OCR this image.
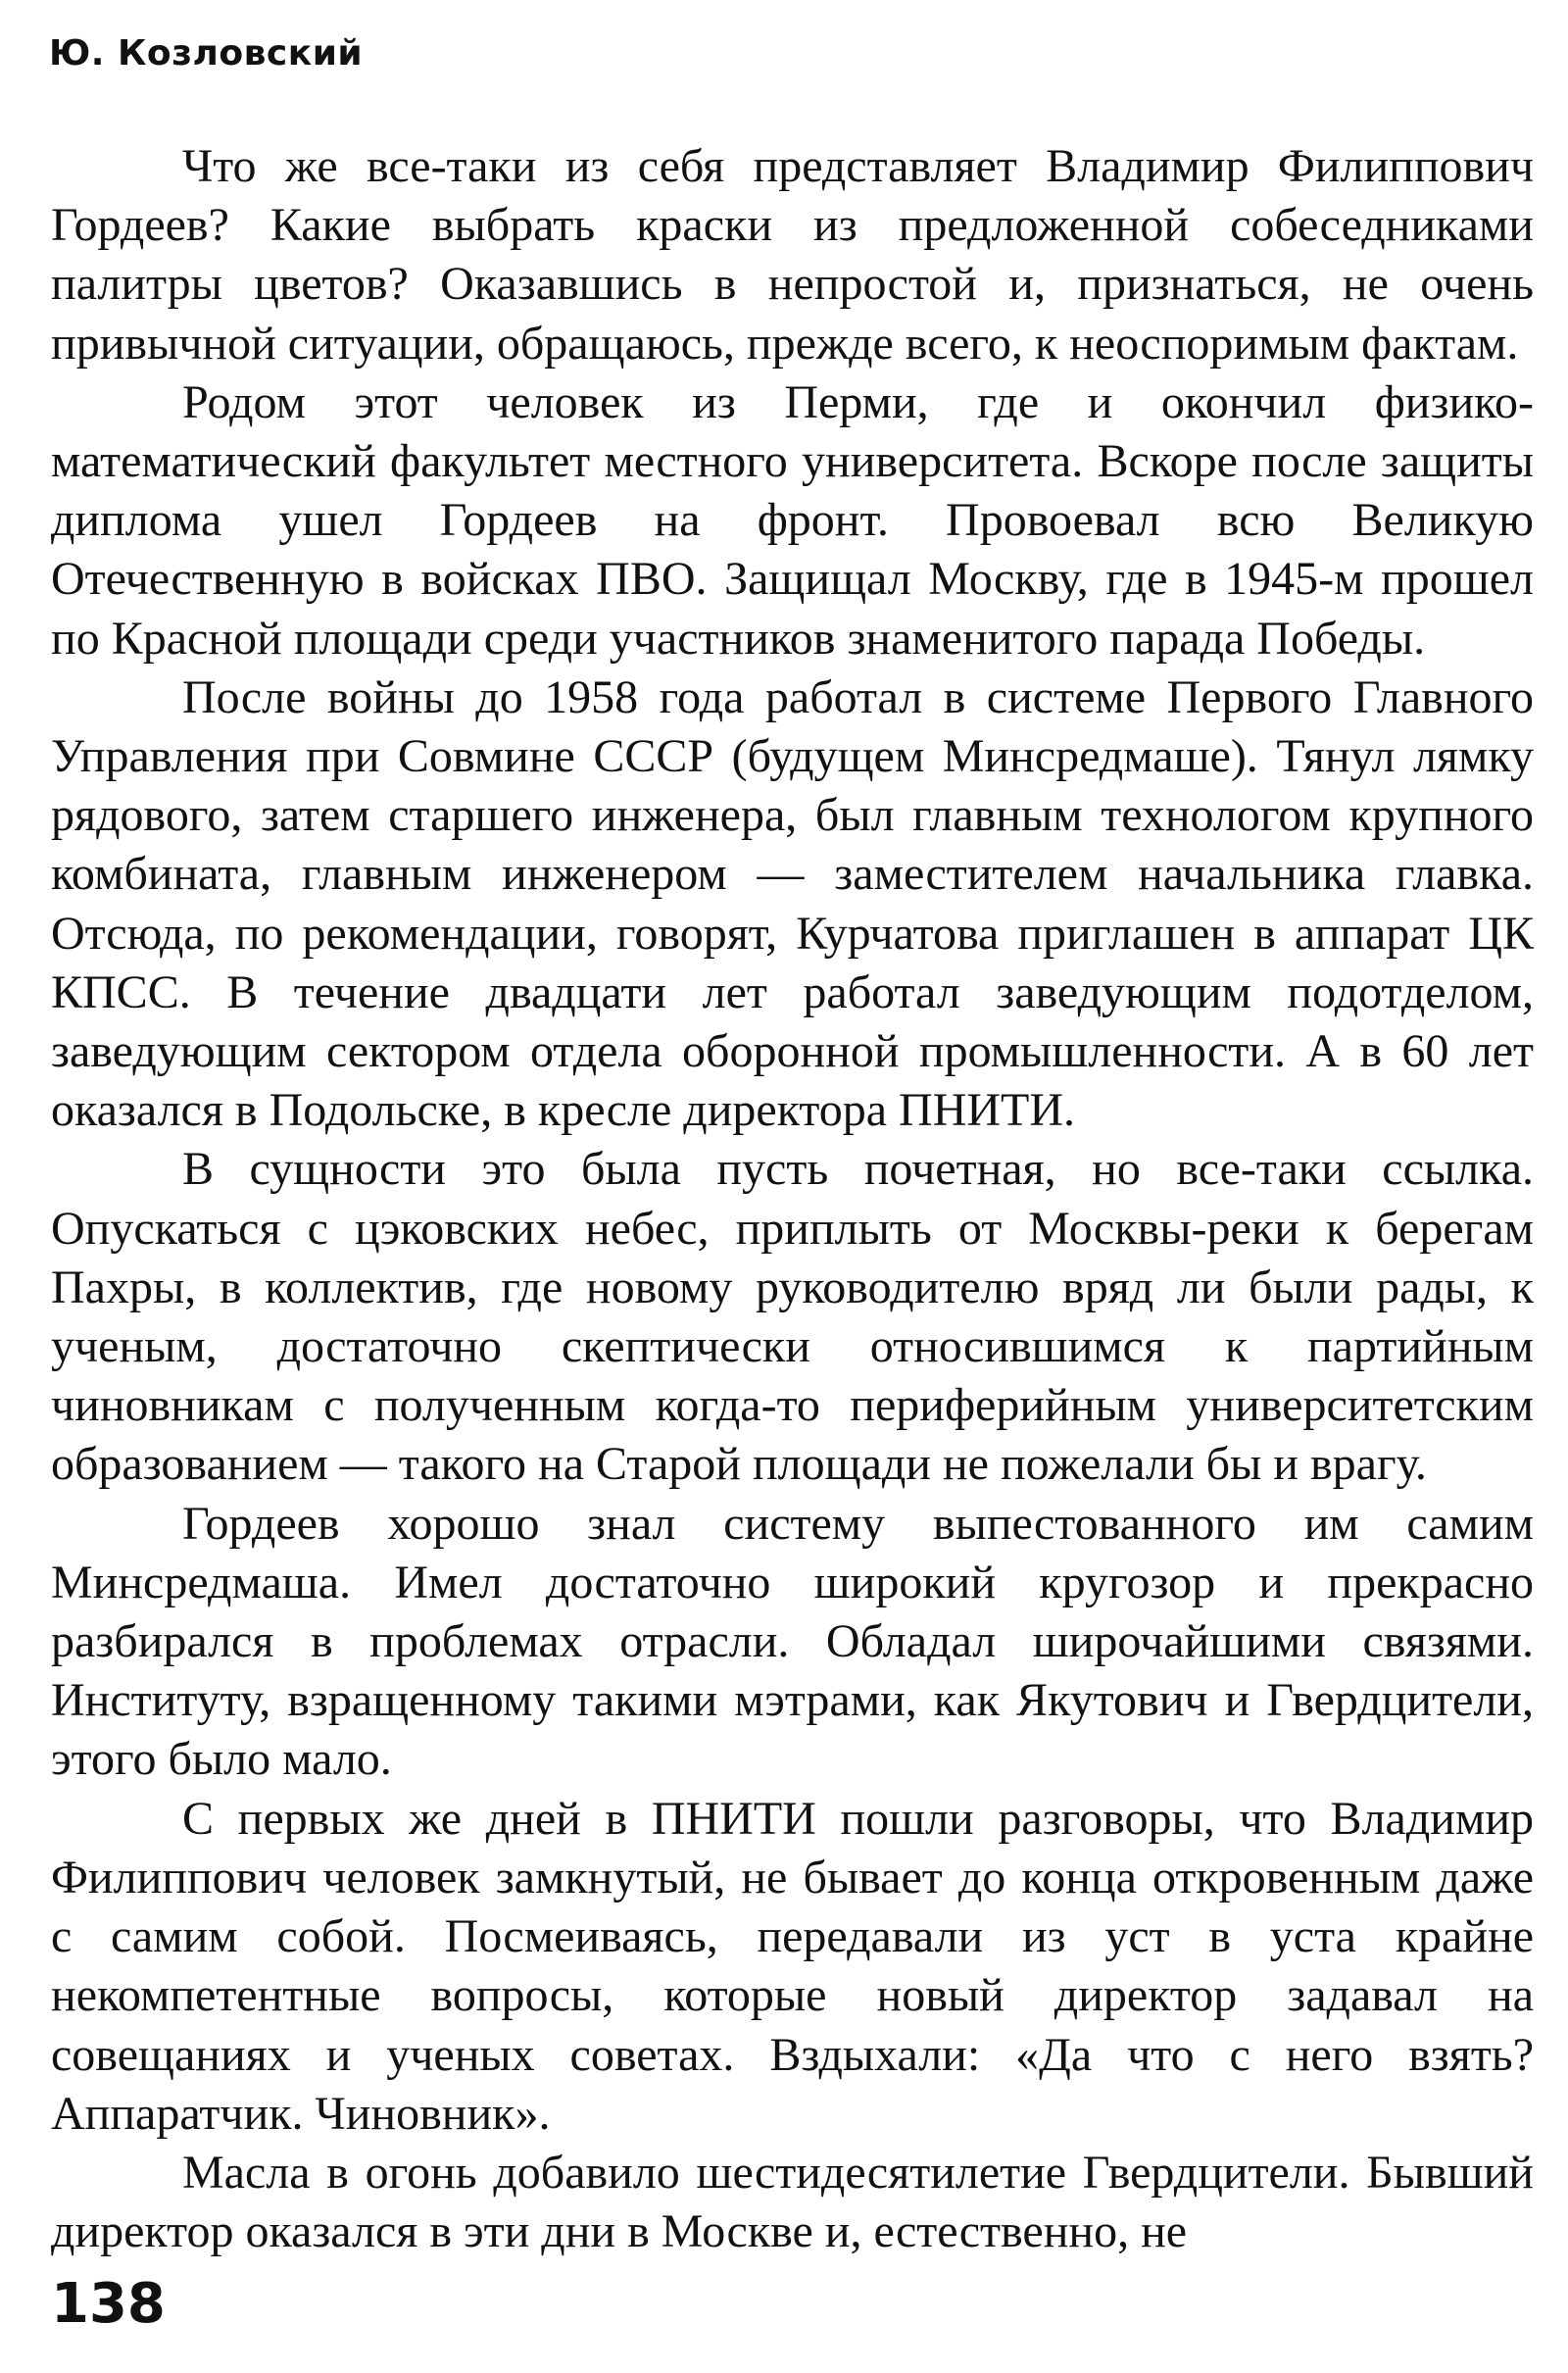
Ю. Козловский

Что же все-таки из себя представляет Владимир Филиппович Гордеев? Какие выбрать краски из предложенной собеседниками палитры цветов? Оказавшись в непростой и, признаться, не очень привычной ситуации, обращаюсь, прежде всего, к неоспоримым фактам.

Родом этот человек из Перми, где и окончил физико-математический факультет местного университета. Вскоре после защиты диплома ушел Гордеев на фронт. Провоевал всю Великую Отечественную в войсках ПВО. Защищал Москву, где в 1945-м прошел по Красной площади среди участников знаменитого парада Победы.

После войны до 1958 года работал в системе Первого Главного Управления при Совмине СССР (будущем Минсредмаше). Тянул лямку рядового, затем старшего инженера, был главным технологом крупного комбината, главным инженером — заместителем начальника главка. Отсюда, по рекомендации, говорят, Курчатова приглашен в аппарат ЦК КПСС. В течение двадцати лет работал заведующим подотделом, заведующим сектором отдела оборонной промышленности. А в 60 лет оказался в Подольске, в кресле директора ПНИТИ.

В сущности это была пусть почетная, но все-таки ссылка. Опускаться с цэковских небес, приплыть от Москвы-реки к берегам Пахры, в коллектив, где новому руководителю вряд ли были рады, к ученым, достаточно скептически относившимся к партийным чиновникам с полученным когда-то периферийным университетским образованием — такого на Старой площади не пожелали бы и врагу.

Гордеев хорошо знал систему выпестованного им самим Минсредмаша. Имел достаточно широкий кругозор и прекрасно разбирался в проблемах отрасли. Обладал широчайшими связями. Институту, взращенному такими мэтрами, как Якутович и Гвердцители, этого было мало.

С первых же дней в ПНИТИ пошли разговоры, что Владимир Филиппович человек замкнутый, не бывает до конца откровенным даже с самим собой. Посмеиваясь, передавали из уст в уста крайне некомпетентные вопросы, которые новый директор задавал на совещаниях и ученых советах. Вздыхали: «Да что с него взять? Аппаратчик. Чиновник».

Масла в огонь добавило шестидесятилетие Гвердцители. Бывший директор оказался в эти дни в Москве и, естественно, не

138
